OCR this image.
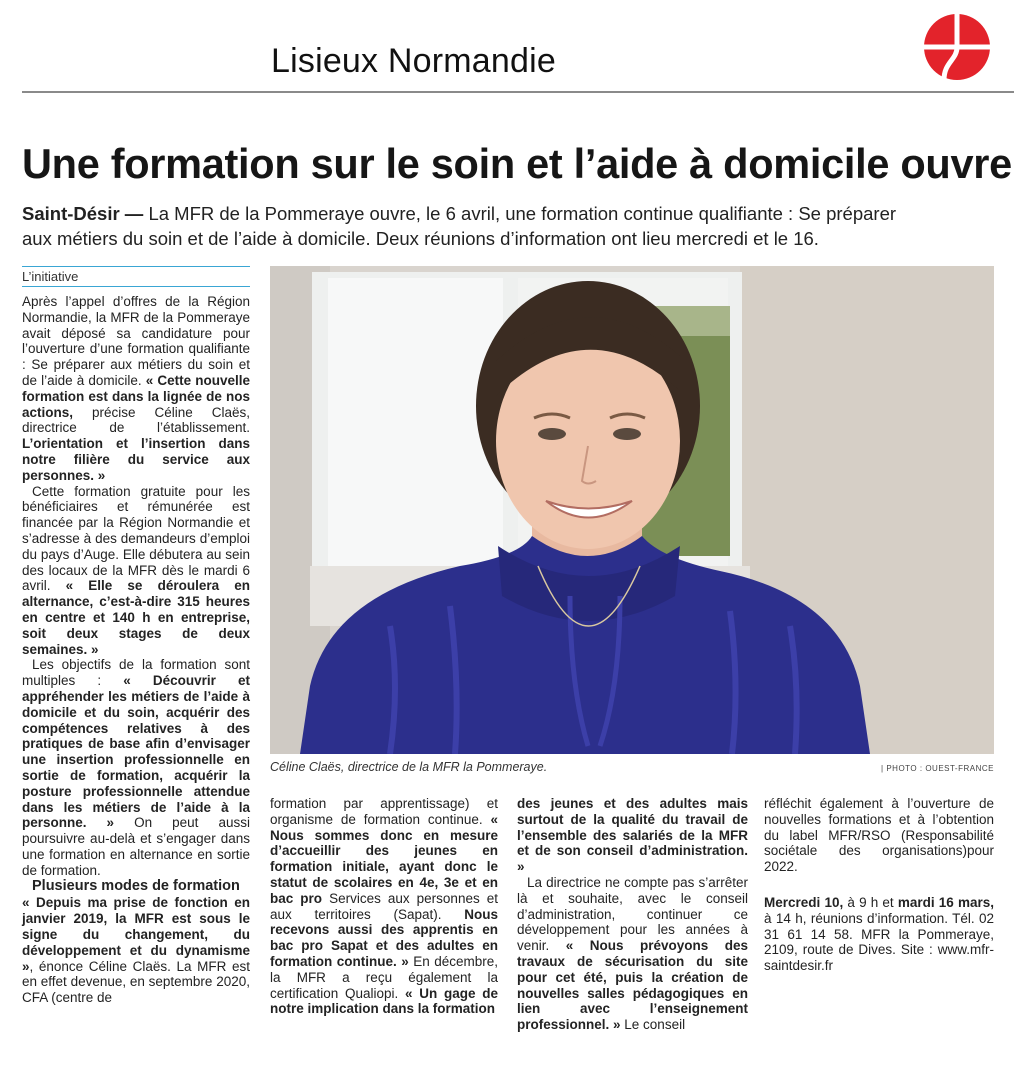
Lisieux Normandie
Une formation sur le soin et l’aide à domicile ouvre
Saint-Désir — La MFR de la Pommeraye ouvre, le 6 avril, une formation continue qualifiante : Se préparer aux métiers du soin et de l’aide à domicile. Deux réunions d’information ont lieu mercredi et le 16.
L’initiative

Après l’appel d’offres de la Région Normandie, la MFR de la Pommeraye avait déposé sa candidature pour l’ouverture d’une formation qualifiante : Se préparer aux métiers du soin et de l’aide à domicile. « Cette nouvelle formation est dans la lignée de nos actions, précise Céline Claës, directrice de l’établissement. L’orientation et l’insertion dans notre filière du service aux personnes. »

Cette formation gratuite pour les bénéficiaires et rémunérée est financée par la Région Normandie et s’adresse à des demandeurs d’emploi du pays d’Auge. Elle débutera au sein des locaux de la MFR dès le mardi 6 avril. « Elle se déroulera en alternance, c’est-à-dire 315 heures en centre et 140 h en entreprise, soit deux stages de deux semaines. »

Les objectifs de la formation sont multiples : « Découvrir et appréhender les métiers de l’aide à domicile et du soin, acquérir des compétences relatives à des pratiques de base afin d’envisager une insertion professionnelle en sortie de formation, acquérir la posture professionnelle attendue dans les métiers de l’aide à la personne. » On peut aussi poursuivre au-delà et s’engager dans une formation en alternance en sortie de formation.

Plusieurs modes de formation

« Depuis ma prise de fonction en janvier 2019, la MFR est sous le signe du changement, du développement et du dynamisme », énonce Céline Claës. La MFR est en effet devenue, en septembre 2020, CFA (centre de

Céline Claës, directrice de la MFR la Pommeraye.	| PHOTO : OUEST-FRANCE

formation par apprentissage) et organisme de formation continue. « Nous sommes donc en mesure d’accueillir des jeunes en formation initiale, ayant donc le statut de scolaires en 4e, 3e et en bac pro Services aux personnes et aux territoires (Sapat). Nous recevons aussi des apprentis en bac pro Sapat et des adultes en formation continue. » En décembre, la MFR a reçu également la certification Qualiopi. « Un gage de notre implication dans la formation

des jeunes et des adultes mais surtout de la qualité du travail de l’ensemble des salariés de la MFR et de son conseil d’administration. »

La directrice ne compte pas s’arrêter là et souhaite, avec le conseil d’administration, continuer ce développement pour les années à venir. « Nous prévoyons des travaux de sécurisation du site pour cet été, puis la création de nouvelles salles pédagogiques en lien avec l’enseignement professionnel. » Le conseil

réfléchit également à l’ouverture de nouvelles formations et à l’obtention du label MFR/RSO (Responsabilité sociétale des organisations)pour 2022.

Mercredi 10, à 9 h et mardi 16 mars, à 14 h, réunions d’information. Tél. 02 31 61 14 58. MFR la Pommeraye, 2109, route de Dives. Site : www.mfr-saintdesir.fr
